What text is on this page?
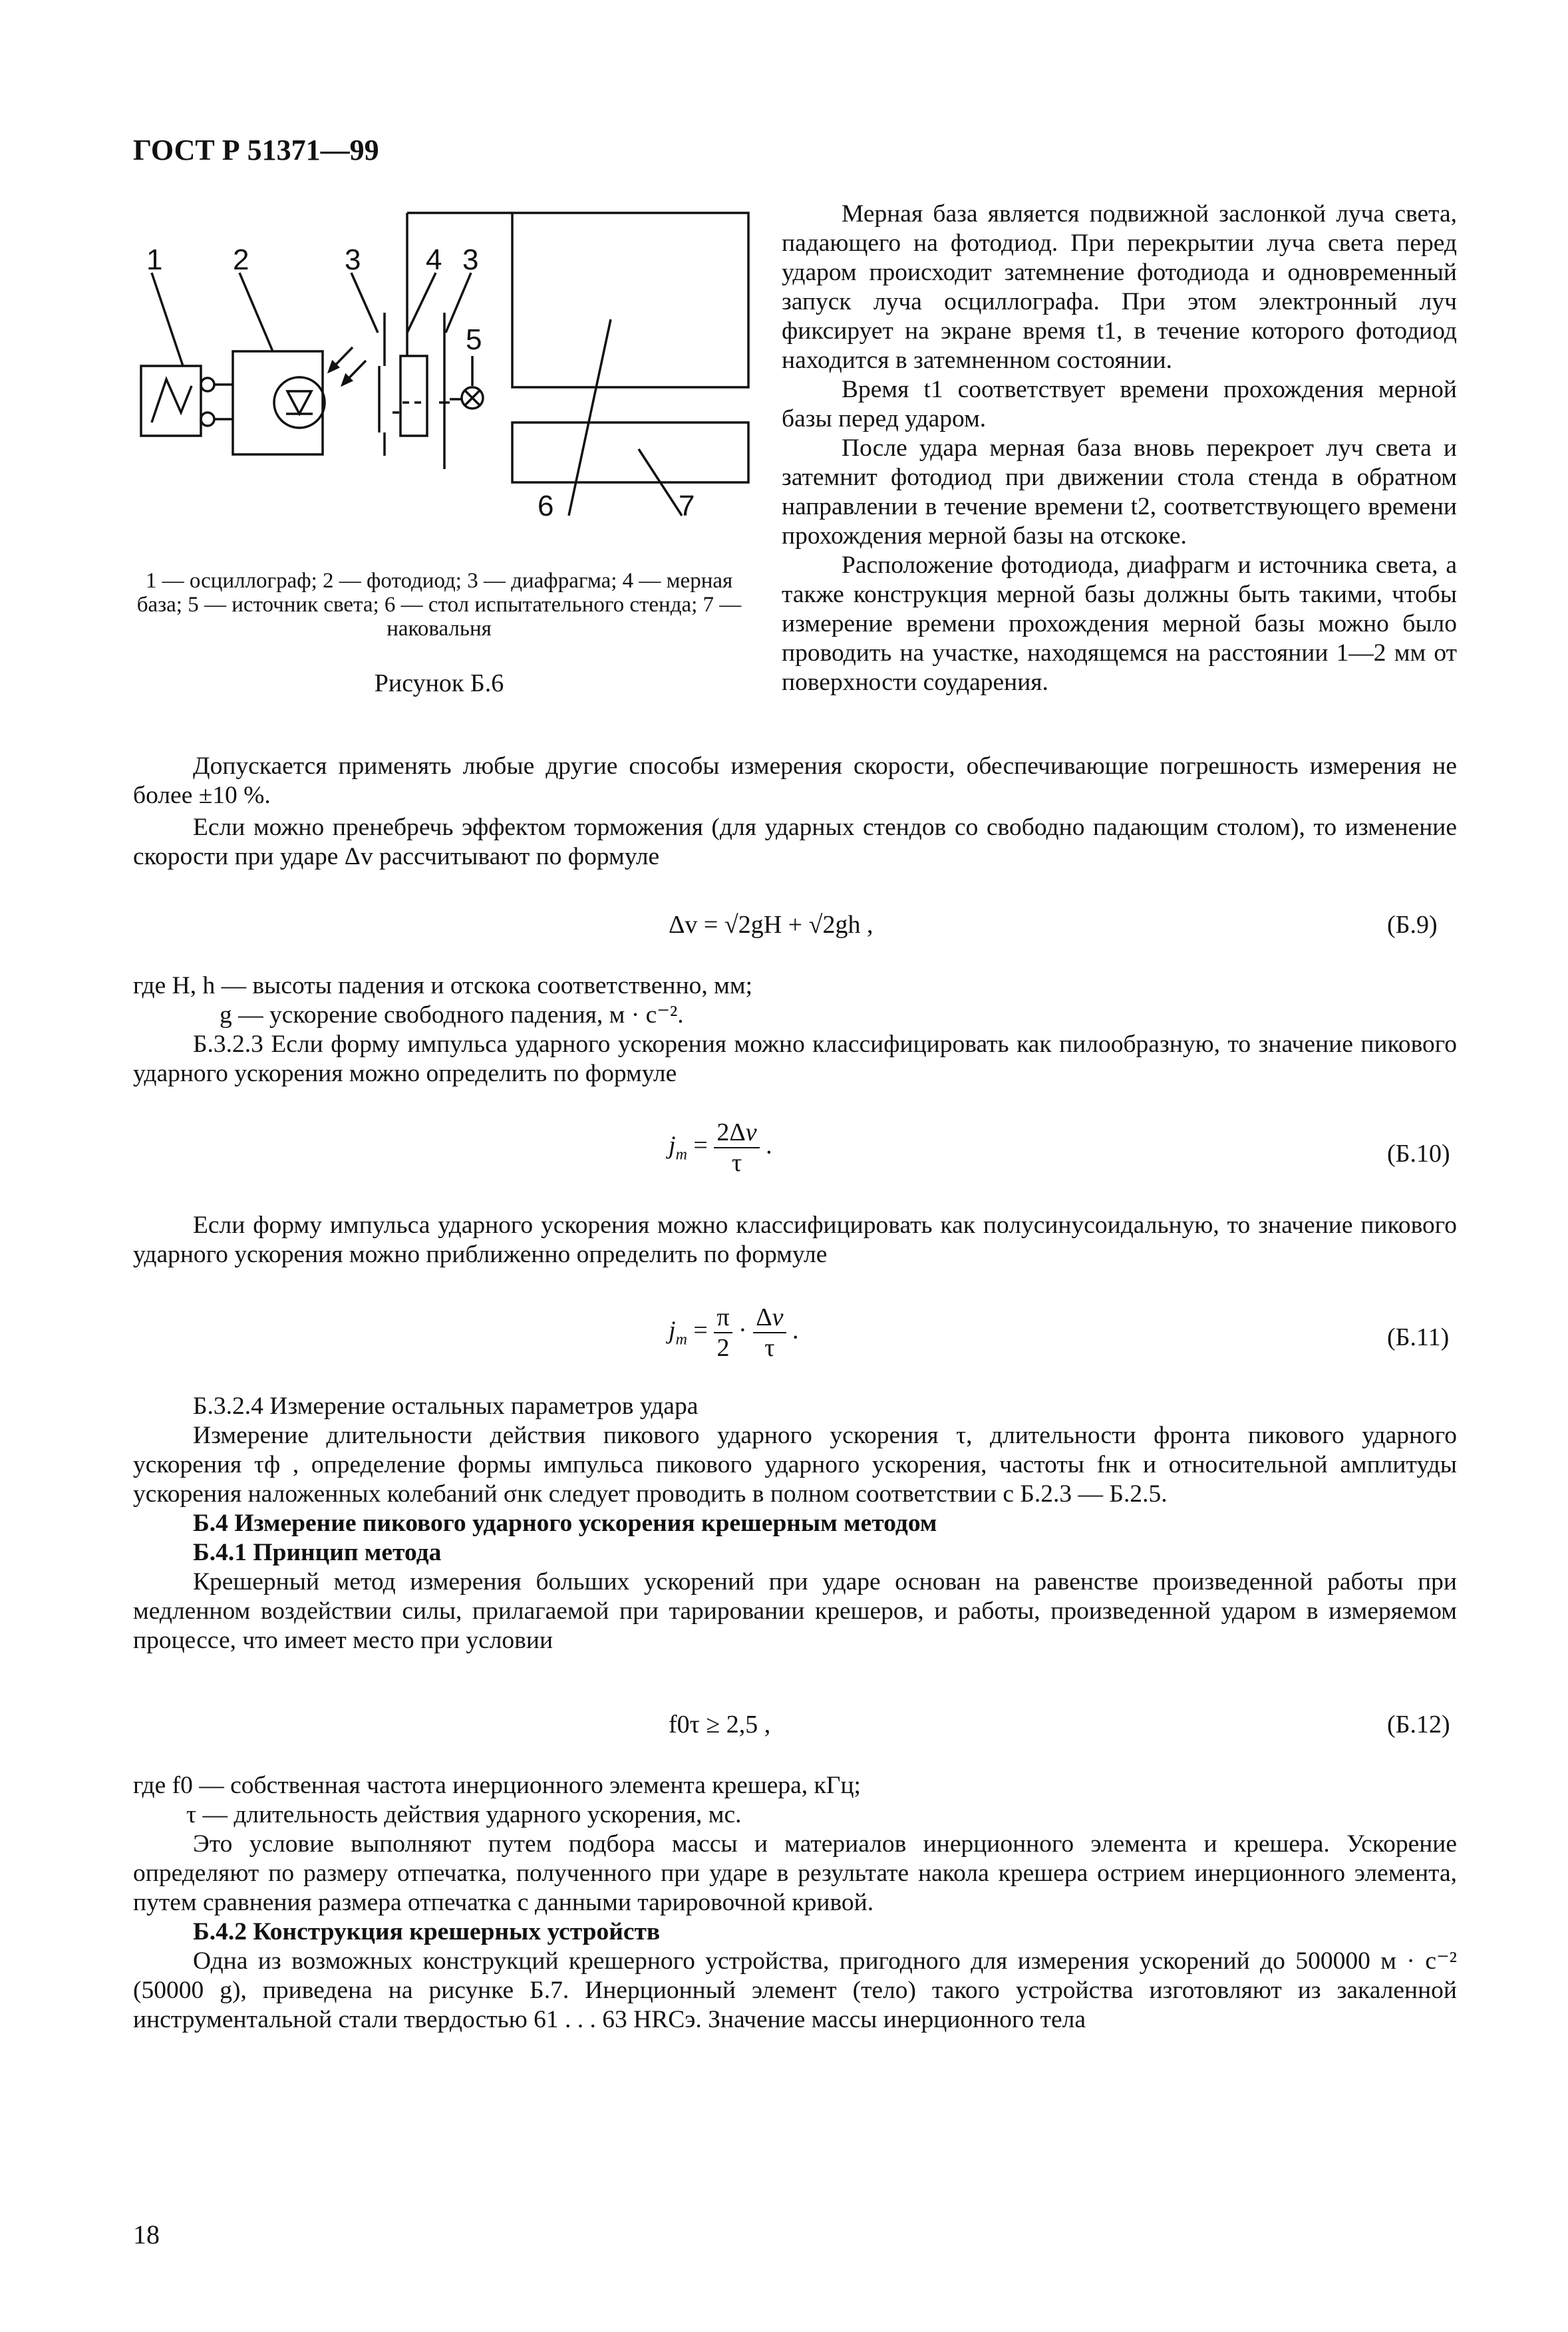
ГОСТ Р 51371—99
1 2	3 4 3
5
6	7
1 — осциллограф; 2 — фотодиод; 3 — диафрагма; 4 — мерная база; 5 — источник света; 6 — стол испытательного стенда; 7 — наковальня
Рисунок Б.6

Мерная база является подвижной заслонкой луча света, падающего на фотодиод. При перекрытии луча света перед ударом происходит затемнение фотодиода и одновременный запуск луча осциллографа. При этом электронный луч фиксирует на экране время t1, в течение которого фотодиод находится в затемненном состоянии.

Время t1 соответствует времени прохождения мерной базы перед ударом.

После удара мерная база вновь перекроет луч света и затемнит фотодиод при движении стола стенда в обратном направлении в течение времени t2, соответствующего времени прохождения мерной базы на отскоке.

Расположение фотодиода, диафрагм и источника света, а также конструкция мерной базы должны быть такими, чтобы измерение времени прохождения мерной базы можно было проводить на участке, находящемся на расстоянии 1—2 мм от поверхности соударения.

Допускается применять любые другие способы измерения скорости, обеспечивающие погрешность измерения не более ±10 %.

Если можно пренебречь эффектом торможения (для ударных стендов со свободно падающим столом), то изменение скорости при ударе Δv рассчитывают по формуле

Δv = √2gH + √2gh ,	(Б.9)

где H, h — высоты падения и отскока соответственно, мм;

g — ускорение свободного падения, м · с⁻².

Б.3.2.3 Если форму импульса ударного ускорения можно классифицировать как пилообразную, то значение пикового ударного ускорения можно определить по формуле

$j_m = \frac{2\Delta v}{\tau}$ .	(Б.10)

Если форму импульса ударного ускорения можно классифицировать как полусинусоидальную, то значение пикового ударного ускорения можно приближенно определить по формуле

$j_m = \frac{\pi}{2} \cdot \frac{\Delta v}{\tau}$ .	(Б.11)

Б.3.2.4 Измерение остальных параметров удара

Измерение длительности действия пикового ударного ускорения τ, длительности фронта пикового ударного ускорения τф , определение формы импульса пикового ударного ускорения, частоты fнк и относительной амплитуды ускорения наложенных колебаний σнк следует проводить в полном соответствии с Б.2.3 — Б.2.5.

Б.4 Измерение пикового ударного ускорения крешерным методом

Б.4.1 Принцип метода

Крешерный метод измерения больших ускорений при ударе основан на равенстве произведенной работы при медленном воздействии силы, прилагаемой при тарировании крешеров, и работы, произведенной ударом в измеряемом процессе, что имеет место при условии

f0τ ≥ 2,5 ,	(Б.12)

где f0 — собственная частота инерционного элемента крешера, кГц;

τ — длительность действия ударного ускорения, мс.

Это условие выполняют путем подбора массы и материалов инерционного элемента и крешера. Ускорение определяют по размеру отпечатка, полученного при ударе в результате накола крешера острием инерционного элемента, путем сравнения размера отпечатка с данными тарировочной кривой.

Б.4.2 Конструкция крешерных устройств

Одна из возможных конструкций крешерного устройства, пригодного для измерения ускорений до 500000 м · с⁻² (50000 g), приведена на рисунке Б.7. Инерционный элемент (тело) такого устройства изготовляют из закаленной инструментальной стали твердостью 61 . . . 63 HRCэ. Значение массы инерционного тела

18
